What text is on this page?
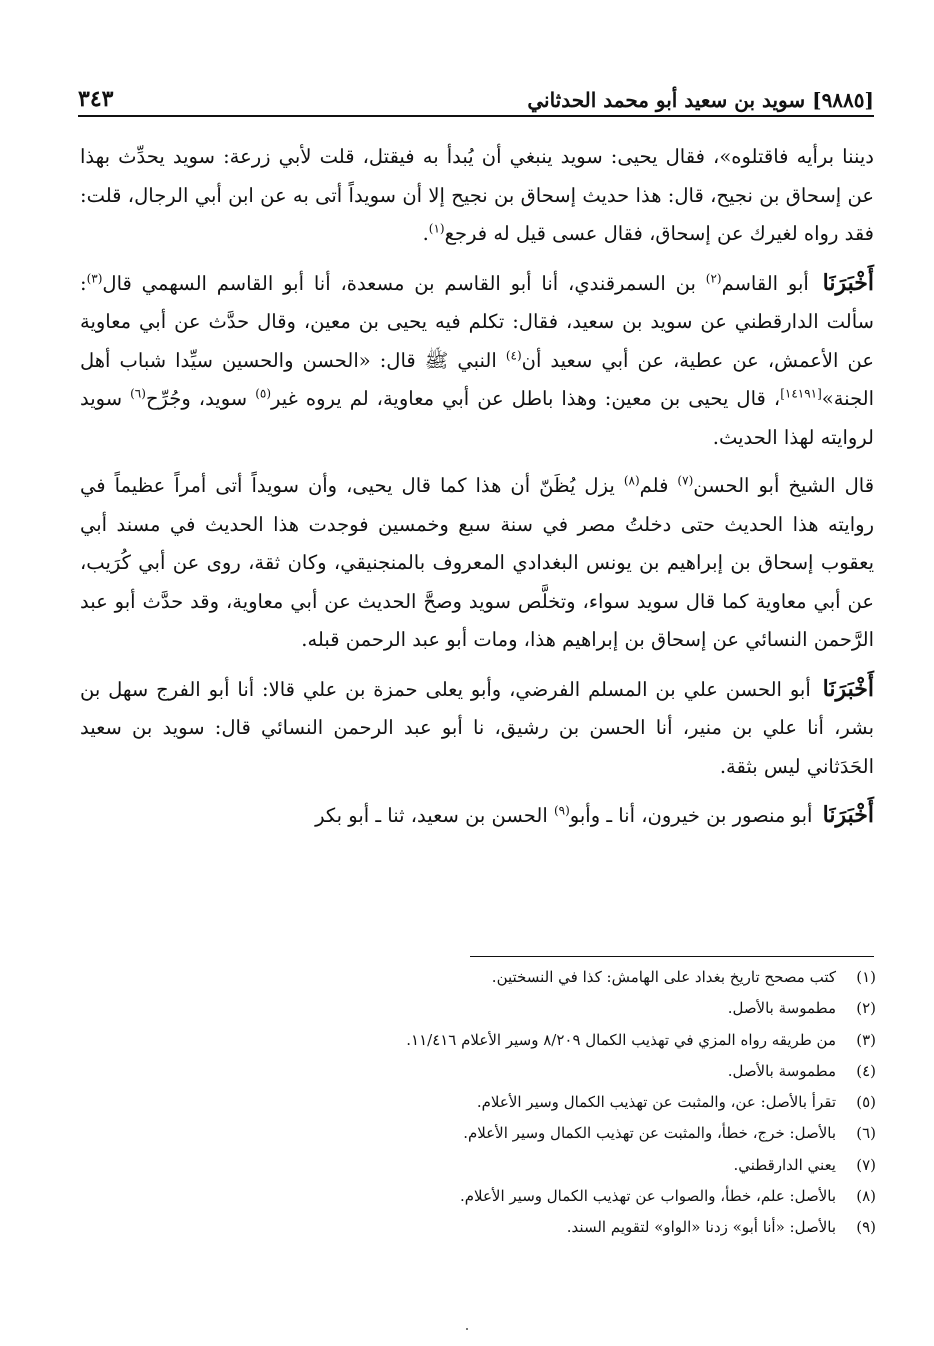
[٩٨٨٥] سويد بن سعيد أبو محمد الحدثاني
٣٤٣

ديننا برأيه فاقتلوه»، فقال يحيى: سويد ينبغي أن يُبدأ به فيقتل، قلت لأبي زرعة: سويد يحدِّث بهذا عن إسحاق بن نجيح، قال: هذا حديث إسحاق بن نجيح إلا أن سويداً أتى به عن ابن أبي الرجال، قلت: فقد رواه لغيرك عن إسحاق، فقال عسى قيل له فرجع$^{(١)}$.

أَخْبَرَنَا أبو القاسم$^{(٢)}$ بن السمرقندي، أنا أبو القاسم بن مسعدة، أنا أبو القاسم السهمي قال$^{(٣)}$: سألت الدارقطني عن سويد بن سعيد، فقال: تكلم فيه يحيى بن معين، وقال حدَّث عن أبي معاوية عن الأعمش، عن عطية، عن أبي سعيد أن$^{(٤)}$ النبي ﷺ قال: «الحسن والحسين سيِّدا شباب أهل الجنة»[١٤١٩١]، قال يحيى بن معين: وهذا باطل عن أبي معاوية، لم يروه غير$^{(٥)}$ سويد، وجُرِّح$^{(٦)}$ سويد لروايته لهذا الحديث.

قال الشيخ أبو الحسن$^{(٧)}$ فلم$^{(٨)}$ يزل يُظَنّ أن هذا كما قال يحيى، وأن سويداً أتى أمراً عظيماً في روايته هذا الحديث حتى دخلتُ مصر في سنة سبع وخمسين فوجدت هذا الحديث في مسند أبي يعقوب إسحاق بن إبراهيم بن يونس البغدادي المعروف بالمنجنيقي، وكان ثقة، روى عن أبي كُرَيب، عن أبي معاوية كما قال سويد سواء، وتخلَّص سويد وصحَّ الحديث عن أبي معاوية، وقد حدَّث أبو عبد الرَّحمن النسائي عن إسحاق بن إبراهيم هذا، ومات أبو عبد الرحمن قبله.

أَخْبَرَنَا أبو الحسن علي بن المسلم الفرضي، وأبو يعلى حمزة بن علي قالا: أنا أبو الفرج سهل بن بشر، أنا علي بن منير، أنا الحسن بن رشيق، نا أبو عبد الرحمن النسائي قال: سويد بن سعيد الحَدَثاني ليس بثقة.

أَخْبَرَنَا أبو منصور بن خيرون، أنا ـ وأبو$^{(٩)}$ الحسن بن سعيد، ثنا ـ أبو بكر

(١)
كتب مصحح تاريخ بغداد على الهامش: كذا في النسختين.
(٢)
مطموسة بالأصل.
(٣)
من طريقه رواه المزي في تهذيب الكمال ٨/٢٠٩ وسير الأعلام ١١/٤١٦.
(٤)
مطموسة بالأصل.
(٥)
تقرأ بالأصل: عن، والمثبت عن تهذيب الكمال وسير الأعلام.
(٦)
بالأصل: خرج، خطأ، والمثبت عن تهذيب الكمال وسير الأعلام.
(٧)
يعني الدارقطني.
(٨)
بالأصل: علم، خطأ، والصواب عن تهذيب الكمال وسير الأعلام.
(٩)
بالأصل: «أنا أبو» زدنا «الواو» لتقويم السند.
